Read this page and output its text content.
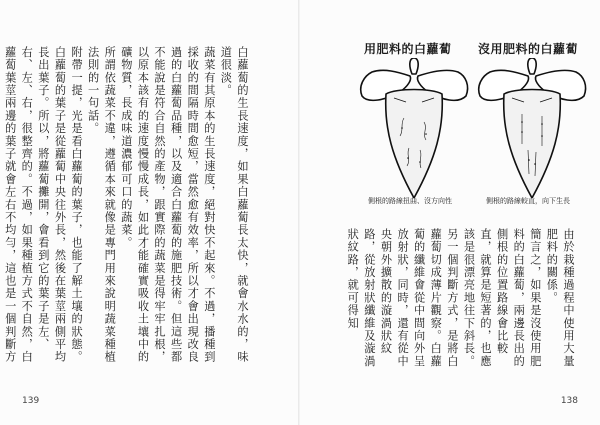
白蘿蔔的生長速度，如果白蘿蔔長太快，就會水水的，味道很淡。
蔬菜有其原本的生長速度，絕對快不起來。不過，播種到採收的間隔時間愈短，當然愈有效率，所以才會出現改良過的白蘿蔔品種，以及適合白蘿蔔的施肥技術。但這些都不能說是符合自然的產物，跟實際的蔬菜是得牢牢扎根，以原本該有的速度慢慢成長，如此才能確實吸收土壤中的礦物質，長成味道濃郁可口的蔬菜。
所謂依蔬菜不違，遵循本來就像是專門用來說明蔬菜種植法則的一句話。
附帶一提，光是看白蘿蔔的葉子，也能了解土壤的狀態。白蘿蔔的葉子是從蘿蔔中央往外長，然後在葉莖兩側平均長出葉子。所以，將蘿蔔攤開，會看到它的葉子是左、右、左、右，很整齊的。不過，如果種植方式不自然，白蘿蔔葉莖兩邊的葉子就會左右不均勻，這也是一個判斷方
139
用肥料的白蘿蔔
側根的路線扭曲、沒方向性
沒用肥料的白蘿蔔
側根的路線較直，向下生長
由於栽種過程中使用大量肥料的關係。
簡言之，如果是沒使用肥料的白蘿蔔，兩邊長出的側根的位置路線會比較直，就算是短著的，也應該是很漂亮地往下斜長。
另一個判斷方式，是將白蘿蔔切成薄片觀察。白蘿蔔的纖維會從中間向外呈放射狀，同時，還有從中央朝外擴散的漩渦狀紋路，從放射狀纖維及漩渦狀紋路，就可得知
138
